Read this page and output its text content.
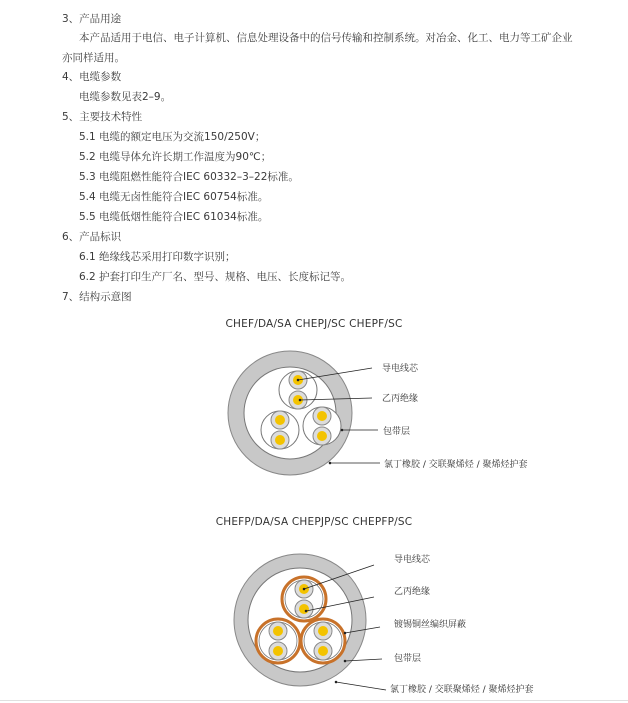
3、产品用途
本产品适用于电信、电子计算机、信息处理设备中的信号传输和控制系统。对冶金、化工、电力等工矿企业亦同样适用。
4、电缆参数
电缆参数见表2–9。
5、主要技术特性
5.1 电缆的额定电压为交流150/250V；
5.2 电缆导体允许长期工作温度为90℃；
5.3 电缆阻燃性能符合IEC 60332–3–22标准。
5.4 电缆无卤性能符合IEC 60754标准。
5.5 电缆低烟性能符合IEC 61034标准。
6、产品标识
6.1 绝缘线芯采用打印数字识别；
6.2 护套打印生产厂名、型号、规格、电压、长度标记等。
7、结构示意图
CHEF/DA/SA CHEPJ/SC CHEPF/SC
CHEFP/DA/SA CHEPJP/SC CHEPFP/SC
导电线芯
乙丙绝缘
包带层
氯丁橡胶 / 交联聚烯烃 / 聚烯烃护套
导电线芯
乙丙绝缘
镀锡铜丝编织屏蔽
包带层
氯丁橡胶 / 交联聚烯烃 / 聚烯烃护套
